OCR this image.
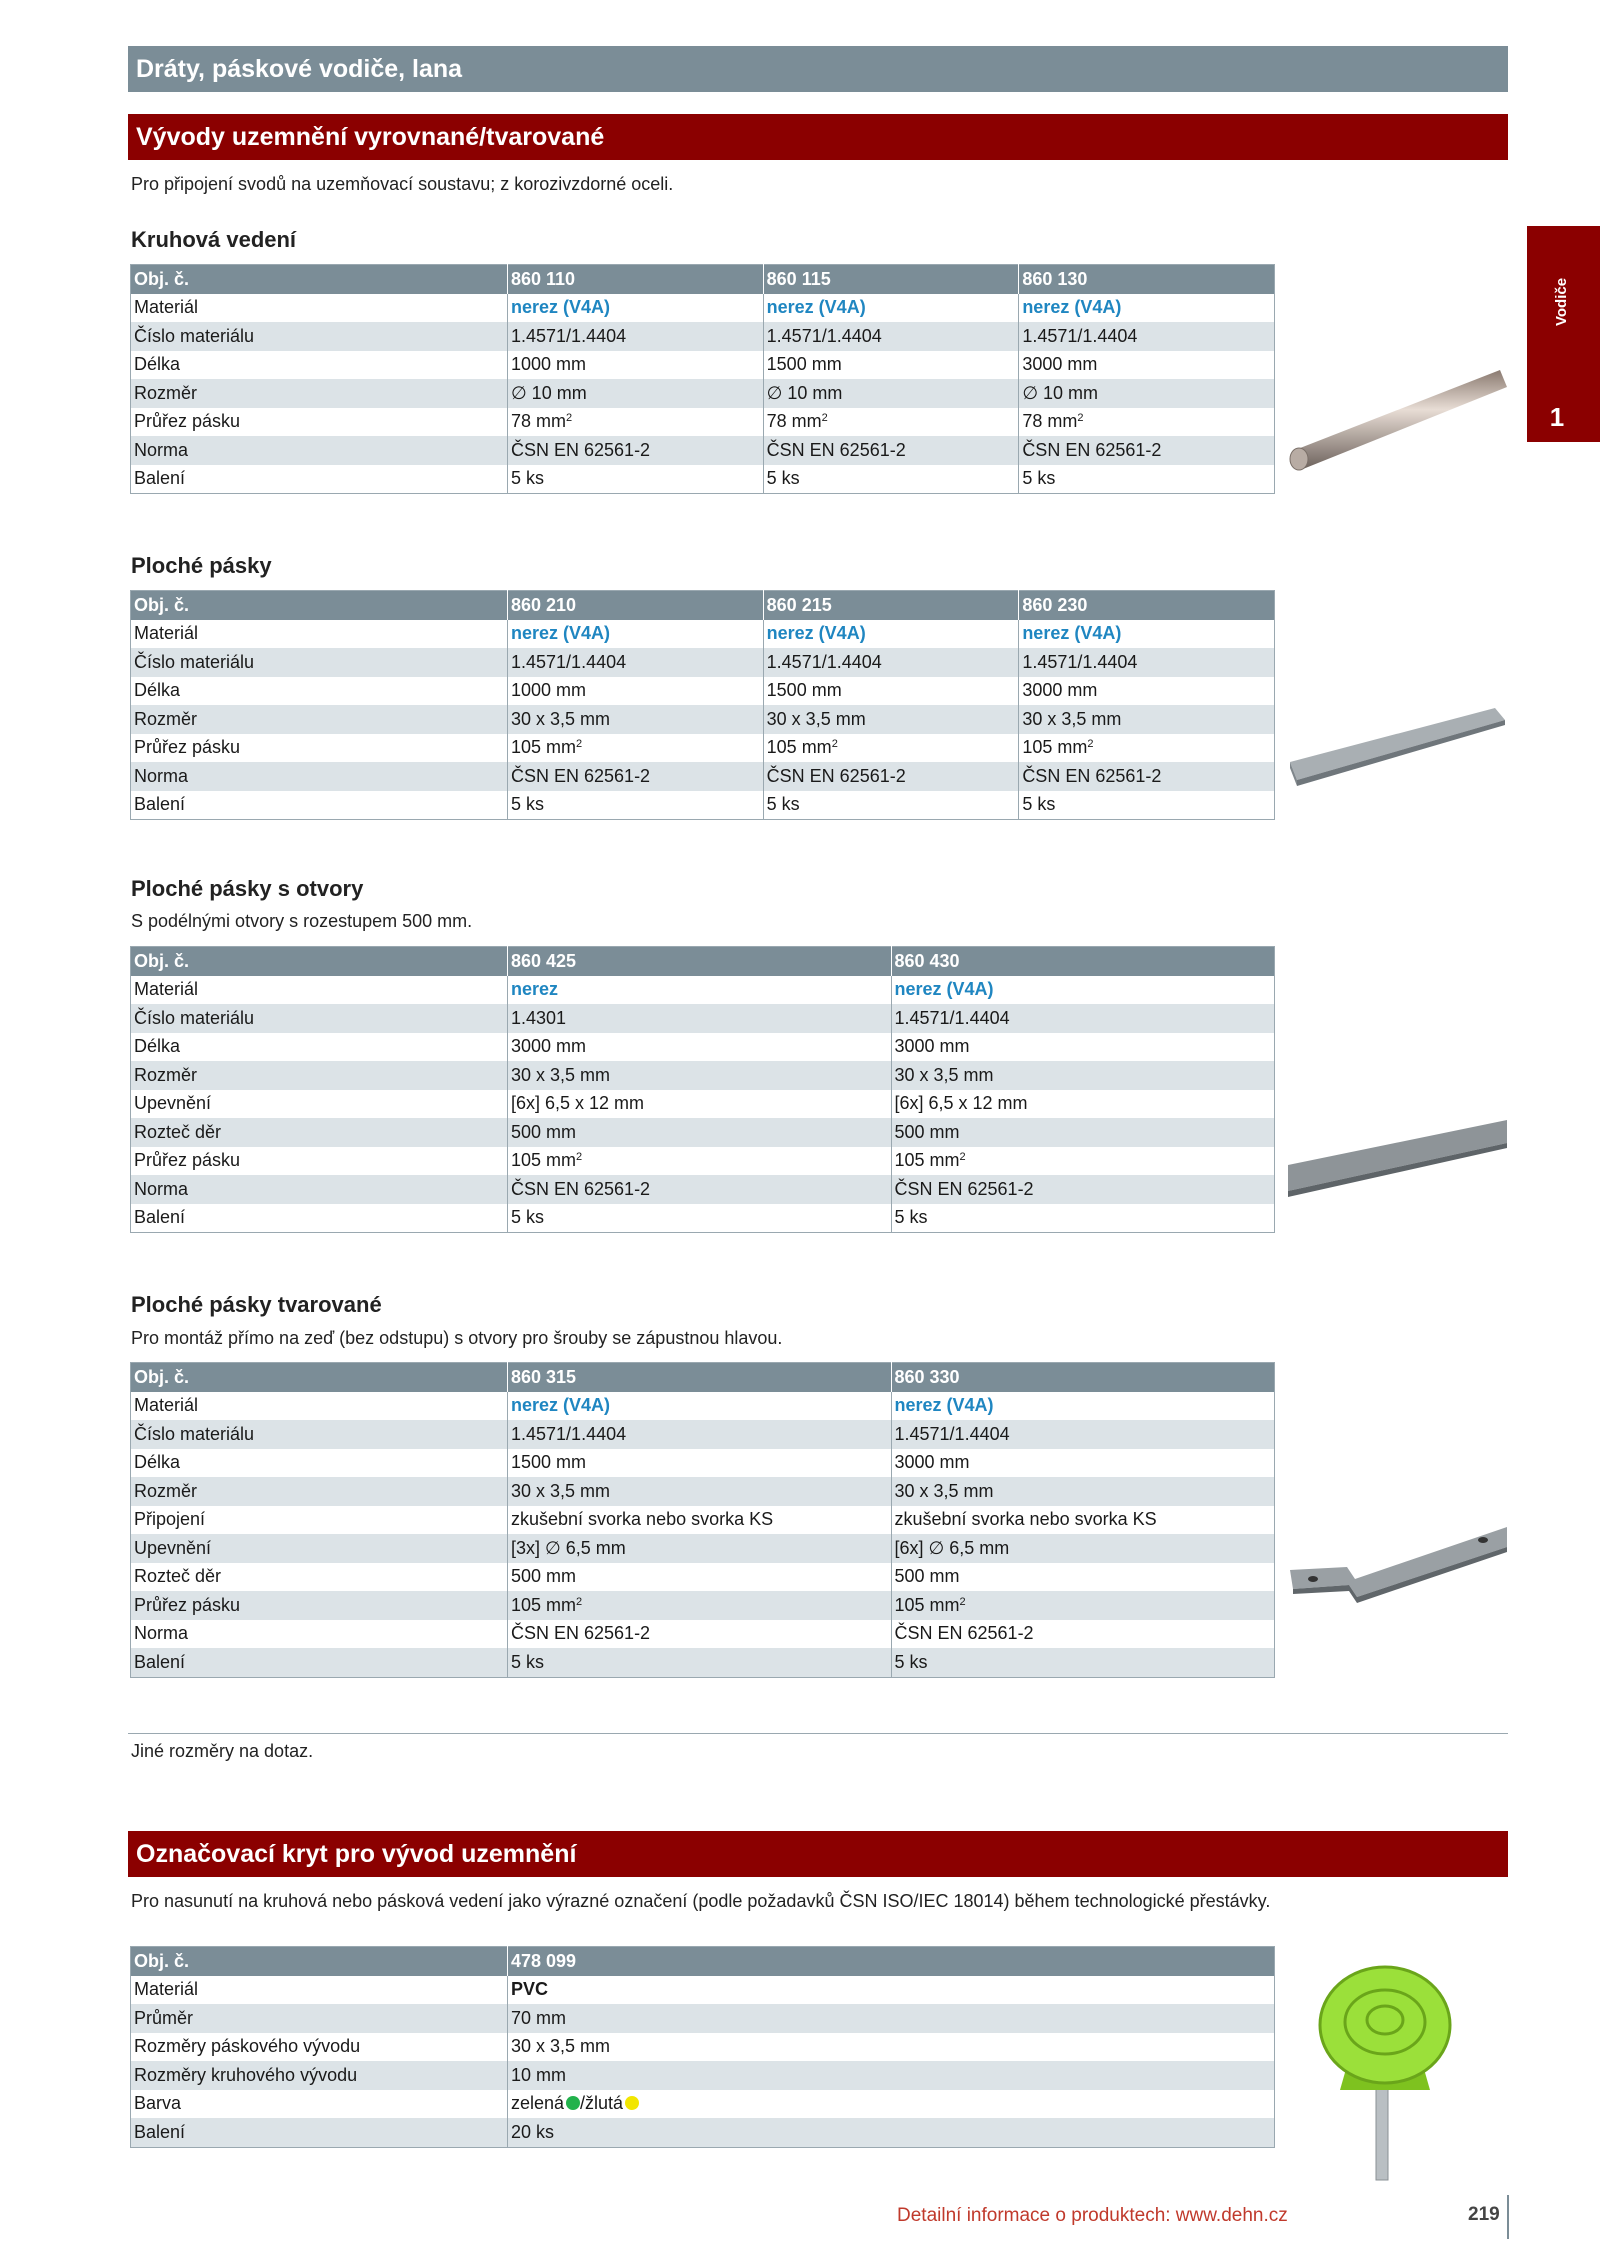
Dráty, páskové vodiče, lana
Vývody uzemnění vyrovnané/tvarované
Pro připojení svodů na uzemňovací soustavu; z korozivzdorné oceli.
Vodiče
1
Kruhová vedení
Obj. č.	860 110	860 115	860 130
Materiál	nerez (V4A)	nerez (V4A)	nerez (V4A)
Číslo materiálu	1.4571/1.4404	1.4571/1.4404	1.4571/1.4404
Délka	1000 mm	1500 mm	3000 mm
Rozměr	∅ 10 mm	∅ 10 mm	∅ 10 mm
Průřez pásku	78 $mm^2$	78 $mm^2$	78 $mm^2$
Norma	ČSN EN 62561-2	ČSN EN 62561-2	ČSN EN 62561-2
Balení	5 ks	5 ks	5 ks
Ploché pásky
Obj. č.	860 210	860 215	860 230
Materiál	nerez (V4A)	nerez (V4A)	nerez (V4A)
Číslo materiálu	1.4571/1.4404	1.4571/1.4404	1.4571/1.4404
Délka	1000 mm	1500 mm	3000 mm
Rozměr	30 x 3,5 mm	30 x 3,5 mm	30 x 3,5 mm
Průřez pásku	105 $mm^2$	105 $mm^2$	105 $mm^2$
Norma	ČSN EN 62561-2	ČSN EN 62561-2	ČSN EN 62561-2
Balení	5 ks	5 ks	5 ks
Ploché pásky s otvory
S podélnými otvory s rozestupem 500 mm.
Obj. č.	860 425	860 430
Materiál	nerez	nerez (V4A)
Číslo materiálu	1.4301	1.4571/1.4404
Délka	3000 mm	3000 mm
Rozměr	30 x 3,5 mm	30 x 3,5 mm
Upevnění	[6x] 6,5 x 12 mm	[6x] 6,5 x 12 mm
Rozteč děr	500 mm	500 mm
Průřez pásku	105 $mm^2$	105 $mm^2$
Norma	ČSN EN 62561-2	ČSN EN 62561-2
Balení	5 ks	5 ks
Ploché pásky tvarované
Pro montáž přímo na zeď (bez odstupu) s otvory pro šrouby se zápustnou hlavou.
Obj. č.	860 315	860 330
Materiál	nerez (V4A)	nerez (V4A)
Číslo materiálu	1.4571/1.4404	1.4571/1.4404
Délka	1500 mm	3000 mm
Rozměr	30 x 3,5 mm	30 x 3,5 mm
Připojení	zkušební svorka nebo svorka KS	zkušební svorka nebo svorka KS
Upevnění	[3x] ∅ 6,5 mm	[6x] ∅ 6,5 mm
Rozteč děr	500 mm	500 mm
Průřez pásku	105 $mm^2$	105 $mm^2$
Norma	ČSN EN 62561-2	ČSN EN 62561-2
Balení	5 ks	5 ks
Jiné rozměry na dotaz.
Označovací kryt pro vývod uzemnění
Pro nasunutí na kruhová nebo pásková vedení jako výrazné označení (podle požadavků ČSN ISO/IEC 18014) během technologické přestávky.
Obj. č.	478 099
Materiál	PVC
Průměr	70 mm
Rozměry páskového vývodu	30 x 3,5 mm
Rozměry kruhového vývodu	10 mm
Barva	zelená /žlutá
Balení	20 ks
Detailní informace o produktech: www.dehn.cz	219
